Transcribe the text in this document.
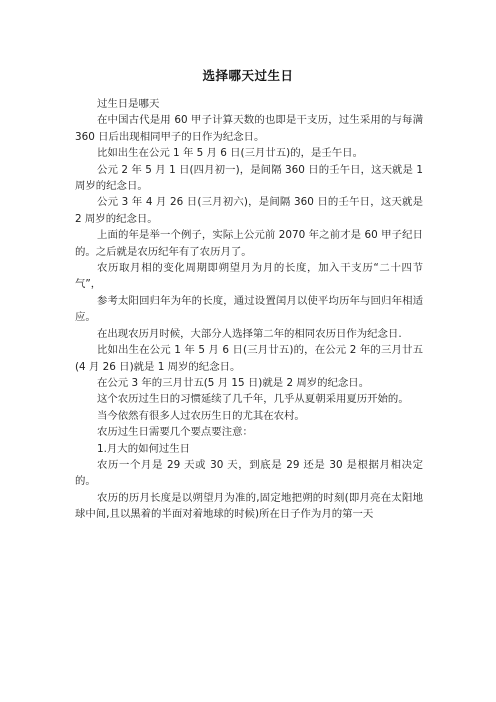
选择哪天过生日

过生日是哪天

在中国古代是用 60 甲子计算天数的也即是干支历，过生采用的与每满 360 日后出现相同甲子的日作为纪念日。

比如出生在公元 1 年 5 月 6 日(三月廿五)的，是壬午日。

公元 2 年 5 月 1 日(四月初一)，是间隔 360 日的壬午日，这天就是 1 周岁的纪念日。

公元 3 年 4 月 26 日(三月初六)，是间隔 360 日的壬午日，这天就是 2 周岁的纪念日。

上面的年是举一个例子，实际上公元前 2070 年之前才是 60 甲子纪日的。之后就是农历纪年有了农历月了。

农历取月相的变化周期即朔望月为月的长度，加入干支历“二十四节气”，

参考太阳回归年为年的长度，通过设置闰月以使平均历年与回归年相适应。

在出现农历月时候，大部分人选择第二年的相同农历日作为纪念日.

比如出生在公元 1 年 5 月 6 日(三月廿五)的，在公元 2 年的三月廿五(4 月 26 日)就是 1 周岁的纪念日。

在公元 3 年的三月廿五(5 月 15 日)就是 2 周岁的纪念日。

这个农历过生日的习惯延续了几千年，几乎从夏朝采用夏历开始的。

当今依然有很多人过农历生日的尤其在农村。

农历过生日需要几个要点要注意：

1.月大的如何过生日

农历一个月是 29 天或 30 天，到底是 29 还是 30 是根据月相决定的。

农历的历月长度是以朔望月为准的,固定地把朔的时刻(即月亮在太阳地球中间,且以黑着的半面对着地球的时候)所在日子作为月的第一天
